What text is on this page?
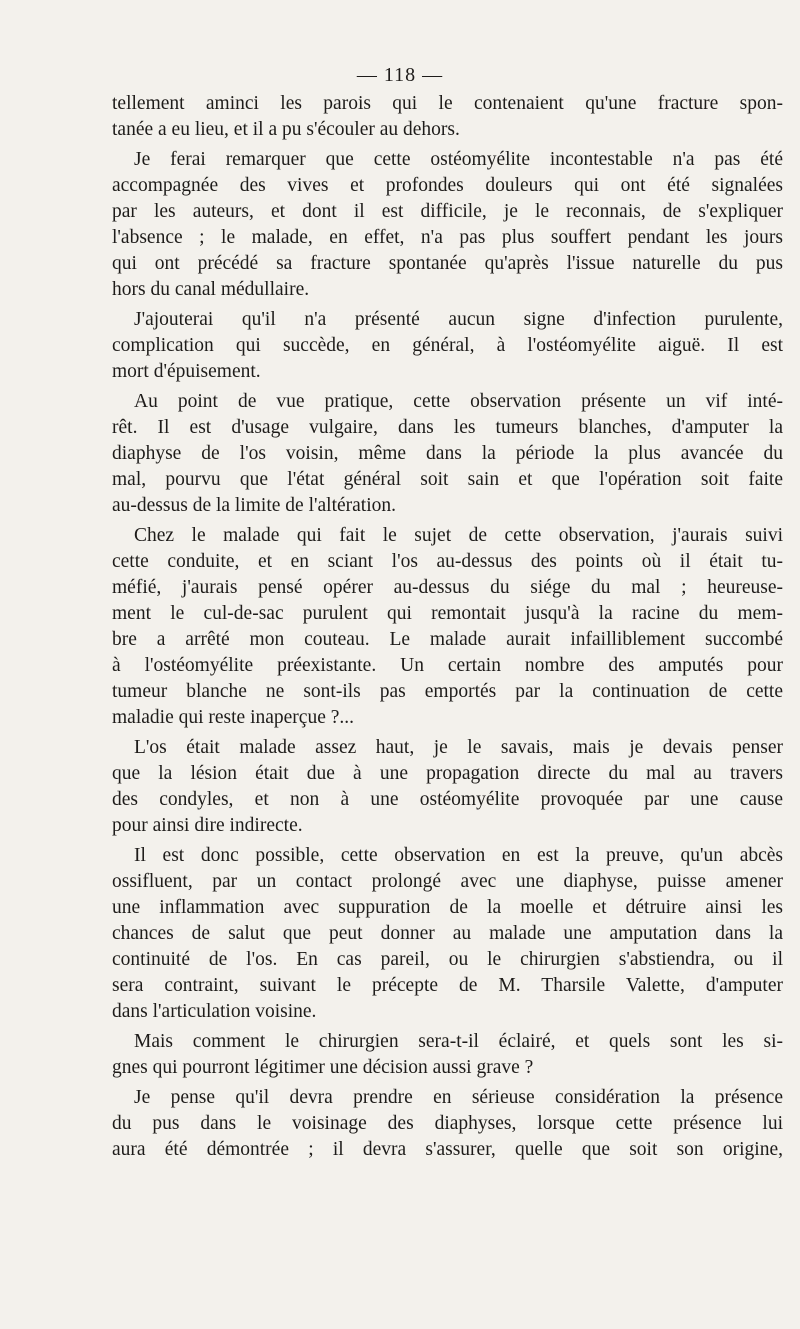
— 118 —
tellement aminci les parois qui le contenaient qu'une fracture spon-
tanée a eu lieu, et il a pu s'écouler au dehors.
Je ferai remarquer que cette ostéomyélite incontestable n'a pas été
accompagnée des vives et profondes douleurs qui ont été signalées
par les auteurs, et dont il est difficile, je le reconnais, de s'expliquer
l'absence ; le malade, en effet, n'a pas plus souffert pendant les jours
qui ont précédé sa fracture spontanée qu'après l'issue naturelle du pus
hors du canal médullaire.
J'ajouterai qu'il n'a présenté aucun signe d'infection purulente,
complication qui succède, en général, à l'ostéomyélite aiguë. Il est
mort d'épuisement.
Au point de vue pratique, cette observation présente un vif inté-
rêt. Il est d'usage vulgaire, dans les tumeurs blanches, d'amputer la
diaphyse de l'os voisin, même dans la période la plus avancée du
mal, pourvu que l'état général soit sain et que l'opération soit faite
au-dessus de la limite de l'altération.
Chez le malade qui fait le sujet de cette observation, j'aurais suivi
cette conduite, et en sciant l'os au-dessus des points où il était tu-
méfié, j'aurais pensé opérer au-dessus du siége du mal ; heureuse-
ment le cul-de-sac purulent qui remontait jusqu'à la racine du mem-
bre a arrêté mon couteau. Le malade aurait infailliblement succombé
à l'ostéomyélite préexistante. Un certain nombre des amputés pour
tumeur blanche ne sont-ils pas emportés par la continuation de cette
maladie qui reste inaperçue ?...
L'os était malade assez haut, je le savais, mais je devais penser
que la lésion était due à une propagation directe du mal au travers
des condyles, et non à une ostéomyélite provoquée par une cause
pour ainsi dire indirecte.
Il est donc possible, cette observation en est la preuve, qu'un abcès
ossifluent, par un contact prolongé avec une diaphyse, puisse amener
une inflammation avec suppuration de la moelle et détruire ainsi les
chances de salut que peut donner au malade une amputation dans la
continuité de l'os. En cas pareil, ou le chirurgien s'abstiendra, ou il
sera contraint, suivant le précepte de M. Tharsile Valette, d'amputer
dans l'articulation voisine.
Mais comment le chirurgien sera-t-il éclairé, et quels sont les si-
gnes qui pourront légitimer une décision aussi grave ?
Je pense qu'il devra prendre en sérieuse considération la présence
du pus dans le voisinage des diaphyses, lorsque cette présence lui
aura été démontrée ; il devra s'assurer, quelle que soit son origine,
